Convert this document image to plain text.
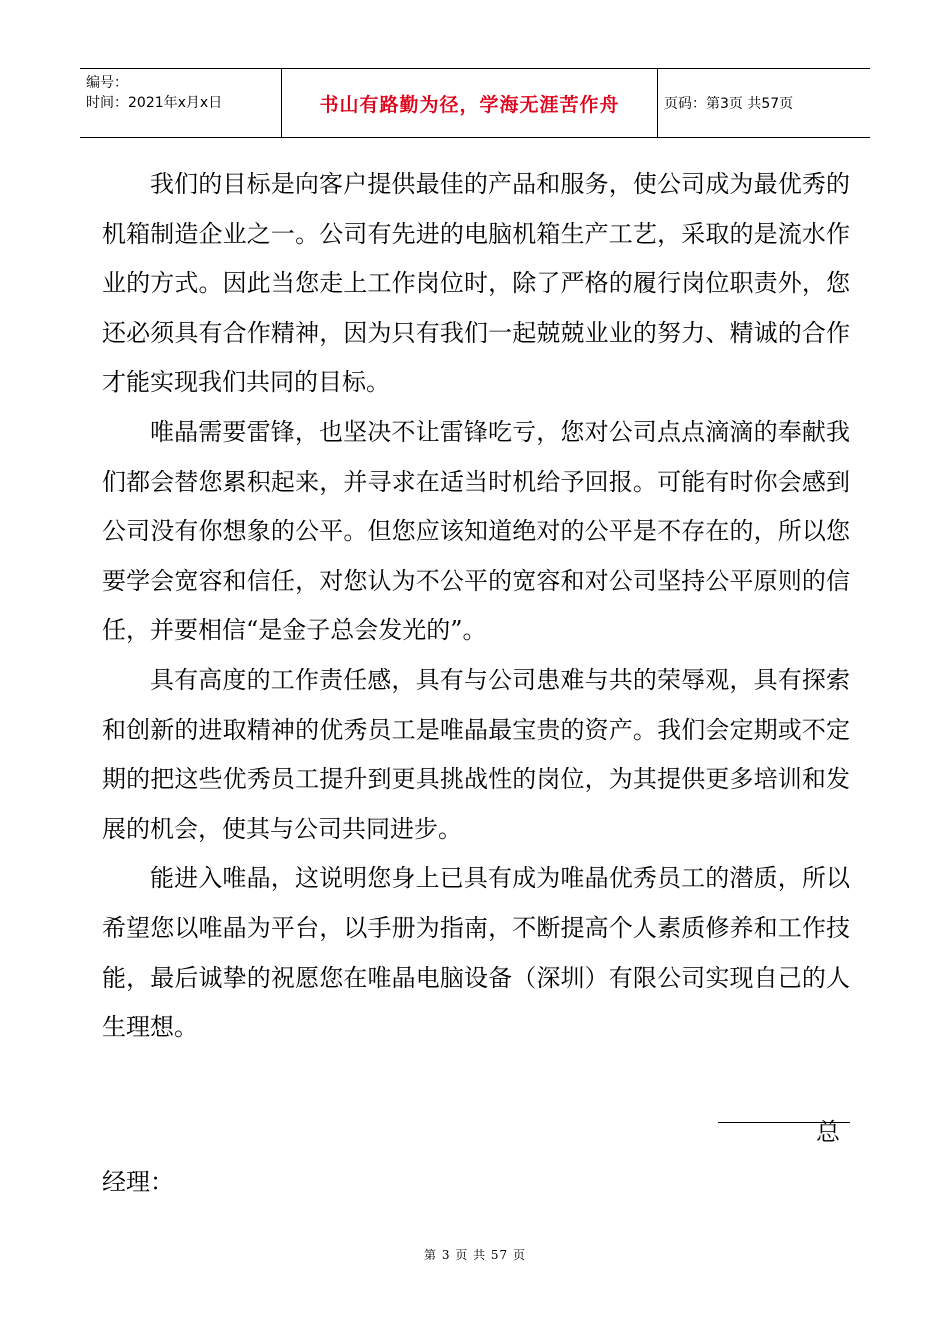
编号：
时间：2021年x月x日	书山有路勤为径，学海无涯苦作舟	页码：第3页 共57页

我们的目标是向客户提供最佳的产品和服务，使公司成为最优秀的机箱制造企业之一。公司有先进的电脑机箱生产工艺，采取的是流水作业的方式。因此当您走上工作岗位时，除了严格的履行岗位职责外，您还必须具有合作精神，因为只有我们一起兢兢业业的努力、精诚的合作才能实现我们共同的目标。

唯晶需要雷锋，也坚决不让雷锋吃亏，您对公司点点滴滴的奉献我们都会替您累积起来，并寻求在适当时机给予回报。可能有时你会感到公司没有你想象的公平。但您应该知道绝对的公平是不存在的，所以您要学会宽容和信任，对您认为不公平的宽容和对公司坚持公平原则的信任，并要相信“是金子总会发光的”。

具有高度的工作责任感，具有与公司患难与共的荣辱观，具有探索和创新的进取精神的优秀员工是唯晶最宝贵的资产。我们会定期或不定期的把这些优秀员工提升到更具挑战性的岗位，为其提供更多培训和发展的机会，使其与公司共同进步。

能进入唯晶，这说明您身上已具有成为唯晶优秀员工的潜质，所以希望您以唯晶为平台，以手册为指南，不断提高个人素质修养和工作技能，最后诚挚的祝愿您在唯晶电脑设备（深圳）有限公司实现自己的人生理想。

总
经理：
第 3 页 共 57 页
